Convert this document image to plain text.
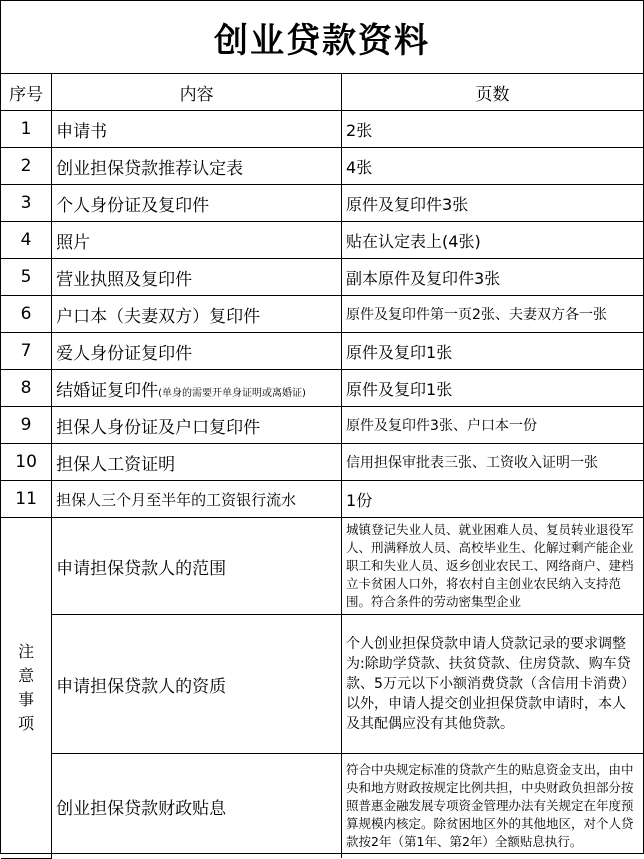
创业贷款资料
序号	内容	页数
1	申请书	2张
2	创业担保贷款推荐认定表	4张
3	个人身份证及复印件	原件及复印件3张
4	照片	贴在认定表上(4张)
5	营业执照及复印件	副本原件及复印件3张
6	户口本（夫妻双方）复印件	原件及复印件第一页2张、夫妻双方各一张
7	爱人身份证复印件	原件及复印1张
8	结婚证复印件(单身的需要开单身证明或离婚证)	原件及复印1张
9	担保人身份证及户口复印件	原件及复印件3张、户口本一份
10	担保人工资证明	信用担保审批表三张、工资收入证明一张
11	担保人三个月至半年的工资银行流水	1份

注
意
事
项	申请担保贷款人的范围	城镇登记失业人员、就业困难人员、复员转业退役军人、刑满释放人员、高校毕业生、化解过剩产能企业职工和失业人员、返乡创业农民工、网络商户、建档立卡贫困人口外，将农村自主创业农民纳入支持范围。符合条件的劳动密集型企业
	申请担保贷款人的资质	个人创业担保贷款申请人贷款记录的要求调整为:除助学贷款、扶贫贷款、住房贷款、购车贷款、5万元以下小额消费贷款（含信用卡消费）以外，申请人提交创业担保贷款申请时，本人及其配偶应没有其他贷款。
	创业担保贷款财政贴息	符合中央规定标准的贷款产生的贴息资金支出，由中央和地方财政按规定比例共担，中央财政负担部分按照普惠金融发展专项资金管理办法有关规定在年度预算规模内核定。除贫困地区外的其他地区，对个人贷款按2年（第1年、第2年）全额贴息执行。
